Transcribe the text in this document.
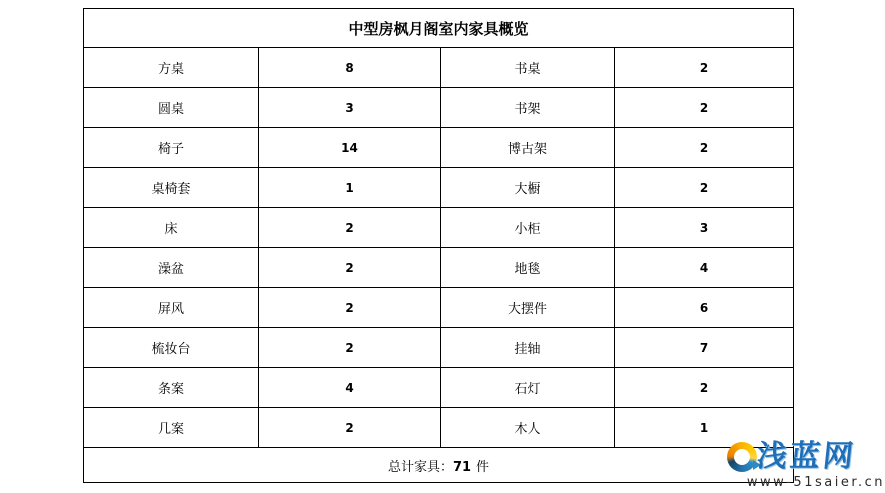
中型房枫月阁室内家具概览			
方桌	8	书桌	2
圆桌	3	书架	2
椅子	14	博古架	2
桌椅套	1	大橱	2
床	2	小柜	3
澡盆	2	地毯	4
屏风	2	大摆件	6
梳妆台	2	挂轴	7
条案	4	石灯	2
几案	2	木人	1
总计家具：71 件				浅蓝网
www-51saier.cn
